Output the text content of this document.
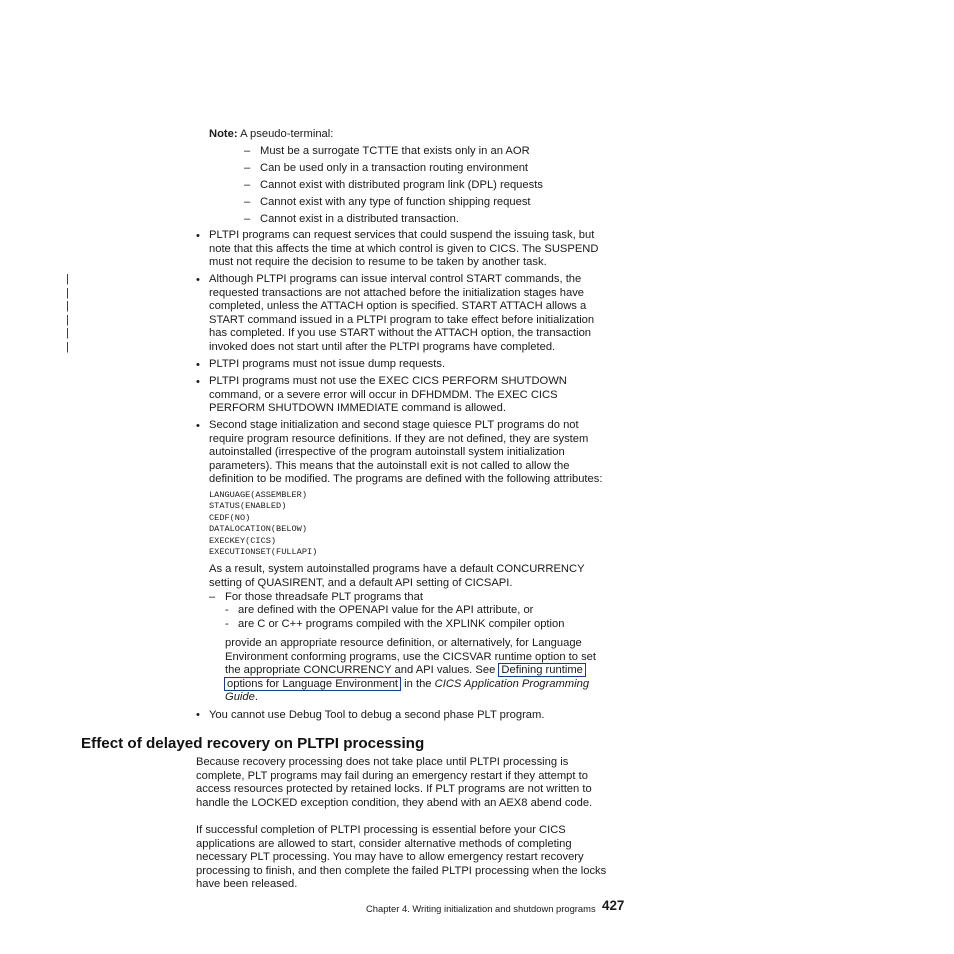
Note: A pseudo-terminal:
– Must be a surrogate TCTTE that exists only in an AOR
– Can be used only in a transaction routing environment
– Cannot exist with distributed program link (DPL) requests
– Cannot exist with any type of function shipping request
– Cannot exist in a distributed transaction.
• PLTPI programs can request services that could suspend the issuing task, but
note that this affects the time at which control is given to CICS. The SUSPEND
must not require the decision to resume to be taken by another task.
|
|
|
|
|
|
• Although PLTPI programs can issue interval control START commands, the
requested transactions are not attached before the initialization stages have
completed, unless the ATTACH option is specified. START ATTACH allows a
START command issued in a PLTPI program to take effect before initialization
has completed. If you use START without the ATTACH option, the transaction
invoked does not start until after the PLTPI programs have completed.
• PLTPI programs must not issue dump requests.
• PLTPI programs must not use the EXEC CICS PERFORM SHUTDOWN
command, or a severe error will occur in DFHDMDM. The EXEC CICS
PERFORM SHUTDOWN IMMEDIATE command is allowed.
• Second stage initialization and second stage quiesce PLT programs do not
require program resource definitions. If they are not defined, they are system
autoinstalled (irrespective of the program autoinstall system initialization
parameters). This means that the autoinstall exit is not called to allow the
definition to be modified. The programs are defined with the following attributes:
LANGUAGE(ASSEMBLER)
STATUS(ENABLED)
CEDF(NO)
DATALOCATION(BELOW)
EXECKEY(CICS)
EXECUTIONSET(FULLAPI)
As a result, system autoinstalled programs have a default CONCURRENCY
setting of QUASIRENT, and a default API setting of CICSAPI.
– For those threadsafe PLT programs that
- are defined with the OPENAPI value for the API attribute, or
- are C or C++ programs compiled with the XPLINK compiler option
provide an appropriate resource definition, or alternatively, for Language
Environment conforming programs, use the CICSVAR runtime option to set
the appropriate CONCURRENCY and API values. See Defining runtime
options for Language Environment in the CICS Application Programming
Guide.
• You cannot use Debug Tool to debug a second phase PLT program.
Effect of delayed recovery on PLTPI processing
Because recovery processing does not take place until PLTPI processing is
complete, PLT programs may fail during an emergency restart if they attempt to
access resources protected by retained locks. If PLT programs are not written to
handle the LOCKED exception condition, they abend with an AEX8 abend code.
If successful completion of PLTPI processing is essential before your CICS
applications are allowed to start, consider alternative methods of completing
necessary PLT processing. You may have to allow emergency restart recovery
processing to finish, and then complete the failed PLTPI processing when the locks
have been released.
Chapter 4. Writing initialization and shutdown programs 427
